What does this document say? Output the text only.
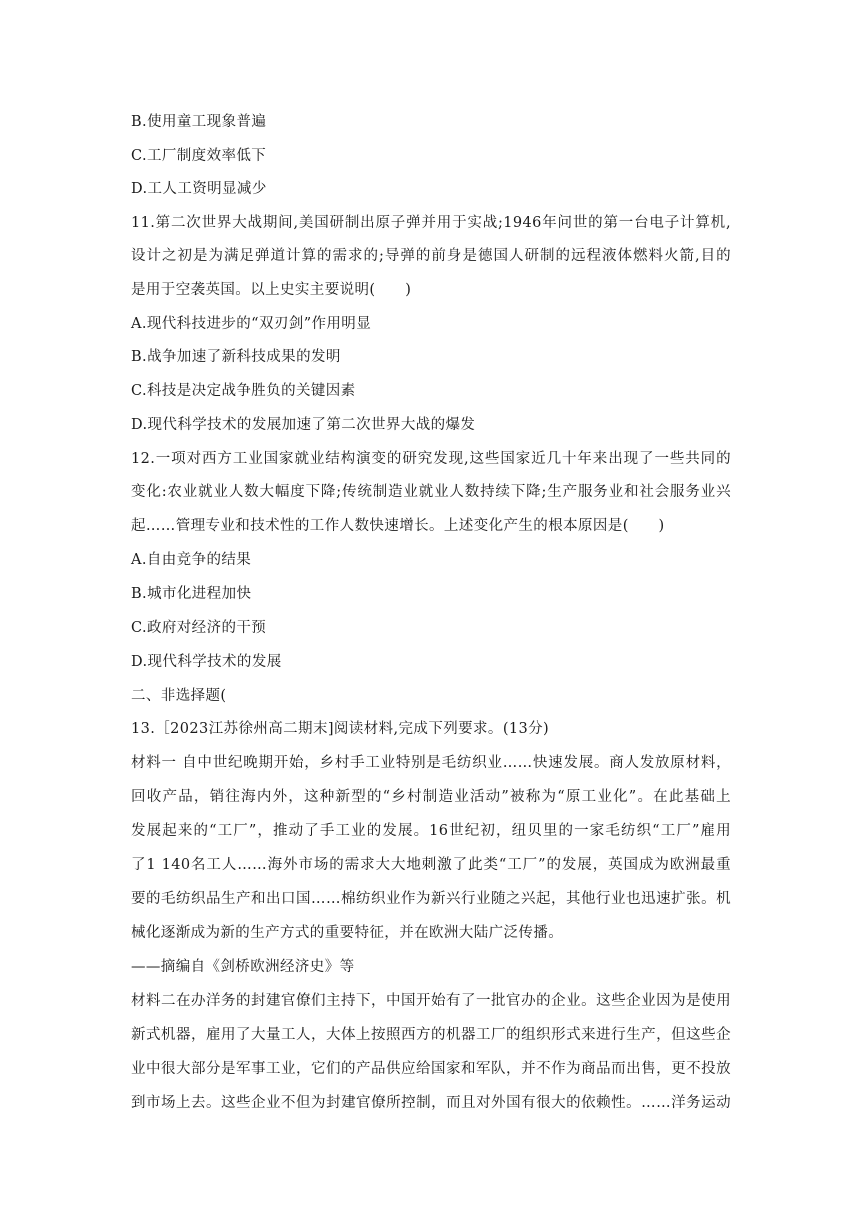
B.使用童工现象普遍
C.工厂制度效率低下
D.工人工资明显减少
11.第二次世界大战期间,美国研制出原子弹并用于实战;1946年问世的第一台电子计算机,
设计之初是为满足弹道计算的需求的;导弹的前身是德国人研制的远程液体燃料火箭,目的
是用于空袭英国。以上史实主要说明(　　)
A.现代科技进步的“双刃剑”作用明显
B.战争加速了新科技成果的发明
C.科技是决定战争胜负的关键因素
D.现代科学技术的发展加速了第二次世界大战的爆发
12.一项对西方工业国家就业结构演变的研究发现,这些国家近几十年来出现了一些共同的
变化:农业就业人数大幅度下降;传统制造业就业人数持续下降;生产服务业和社会服务业兴
起……管理专业和技术性的工作人数快速增长。上述变化产生的根本原因是(　　)
A.自由竞争的结果
B.城市化进程加快
C.政府对经济的干预
D.现代科学技术的发展
二、非选择题(
13.［2023江苏徐州高二期末]阅读材料,完成下列要求。(13分)
材料一 自中世纪晚期开始，乡村手工业特别是毛纺织业……快速发展。商人发放原材料，
回收产品，销往海内外，这种新型的“乡村制造业活动”被称为“原工业化”。在此基础上
发展起来的“工厂”，推动了手工业的发展。16世纪初，纽贝里的一家毛纺织“工厂”雇用
了1 140名工人……海外市场的需求大大地刺激了此类“工厂”的发展，英国成为欧洲最重
要的毛纺织品生产和出口国……棉纺织业作为新兴行业随之兴起，其他行业也迅速扩张。机
械化逐渐成为新的生产方式的重要特征，并在欧洲大陆广泛传播。
——摘编自《剑桥欧洲经济史》等
材料二在办洋务的封建官僚们主持下，中国开始有了一批官办的企业。这些企业因为是使用
新式机器，雇用了大量工人，大体上按照西方的机器工厂的组织形式来进行生产，但这些企
业中很大部分是军事工业，它们的产品供应给国家和军队，并不作为商品而出售，更不投放
到市场上去。这些企业不但为封建官僚所控制，而且对外国有很大的依赖性。……洋务运动
